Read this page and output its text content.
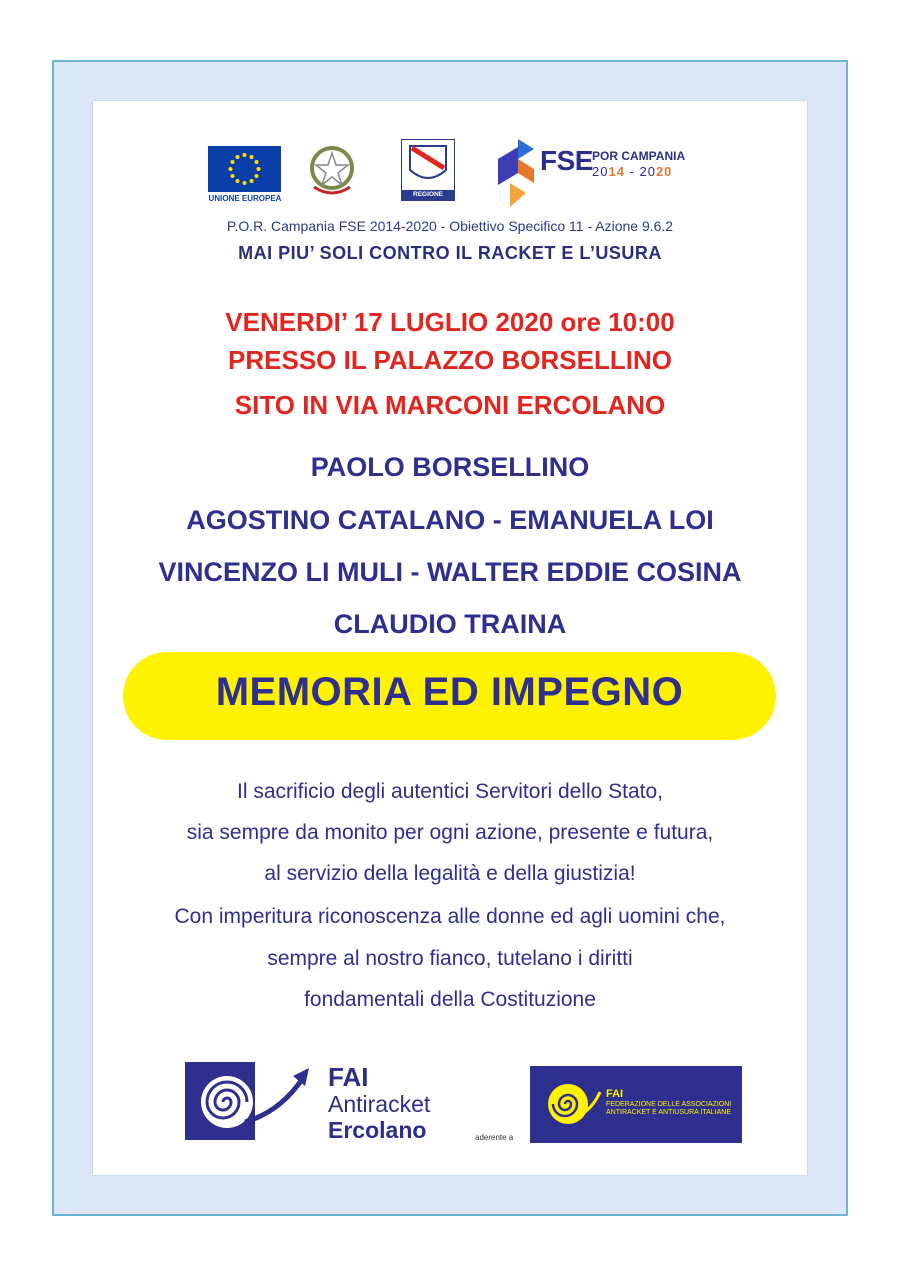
UNIONE EUROPEA	REGIONE CAMPANIA
FSE POR CAMPANIA
2014 - 2020
P.O.R. Campania FSE 2014-2020 - Obiettivo Specifico 11 - Azione 9.6.2
MAI PIU’ SOLI CONTRO IL RACKET E L’USURA
VENERDI’ 17 LUGLIO 2020 ore 10:00
PRESSO IL PALAZZO BORSELLINO
SITO IN VIA MARCONI ERCOLANO
PAOLO BORSELLINO
AGOSTINO CATALANO - EMANUELA LOI
VINCENZO LI MULI - WALTER EDDIE COSINA
CLAUDIO TRAINA
MEMORIA ED IMPEGNO
Il sacrificio degli autentici Servitori dello Stato,
sia sempre da monito per ogni azione, presente e futura,
al servizio della legalità e della giustizia!
Con imperitura riconoscenza alle donne ed agli uomini che,
sempre al nostro fianco, tutelano i diritti
fondamentali della Costituzione
FAI
Antiracket
Ercolano	aderente a
FAI
FEDERAZIONE DELLE ASSOCIAZIONI ANTIRACKET E ANTIUSURA ITALIANE
